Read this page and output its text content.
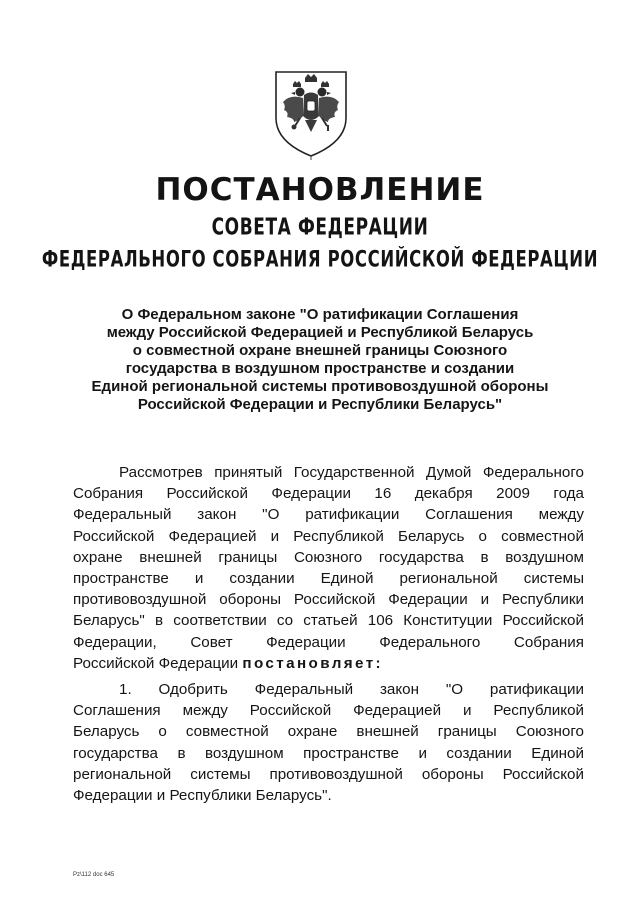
ПОСТАНОВЛЕНИЕ
СОВЕТА ФЕДЕРАЦИИ
ФЕДЕРАЛЬНОГО СОБРАНИЯ РОССИЙСКОЙ ФЕДЕРАЦИИ
О Федеральном законе "О ратификации Соглашения
между Российской Федерацией и Республикой Беларусь
о совместной охране внешней границы Союзного
государства в воздушном пространстве и создании
Единой региональной системы противовоздушной обороны
Российской Федерации и Республики Беларусь"
Рассмотрев принятый Государственной Думой Федерального
Собрания Российской Федерации 16 декабря 2009 года
Федеральный закон "О ратификации Соглашения между
Российской Федерацией и Республикой Беларусь о совместной
охране внешней границы Союзного государства в воздушном
пространстве и создании Единой региональной системы
противовоздушной обороны Российской Федерации и Республики
Беларусь" в соответствии со статьей 106 Конституции Российской
Федерации, Совет Федерации Федерального Собрания
Российской Федерации постановляет:
1. Одобрить Федеральный закон "О ратификации
Соглашения между Российской Федерацией и Республикой
Беларусь о совместной охране внешней границы Союзного
государства в воздушном пространстве и создании Единой
региональной системы противовоздушной обороны Российской
Федерации и Республики Беларусь".
Pz\112 doc 645
